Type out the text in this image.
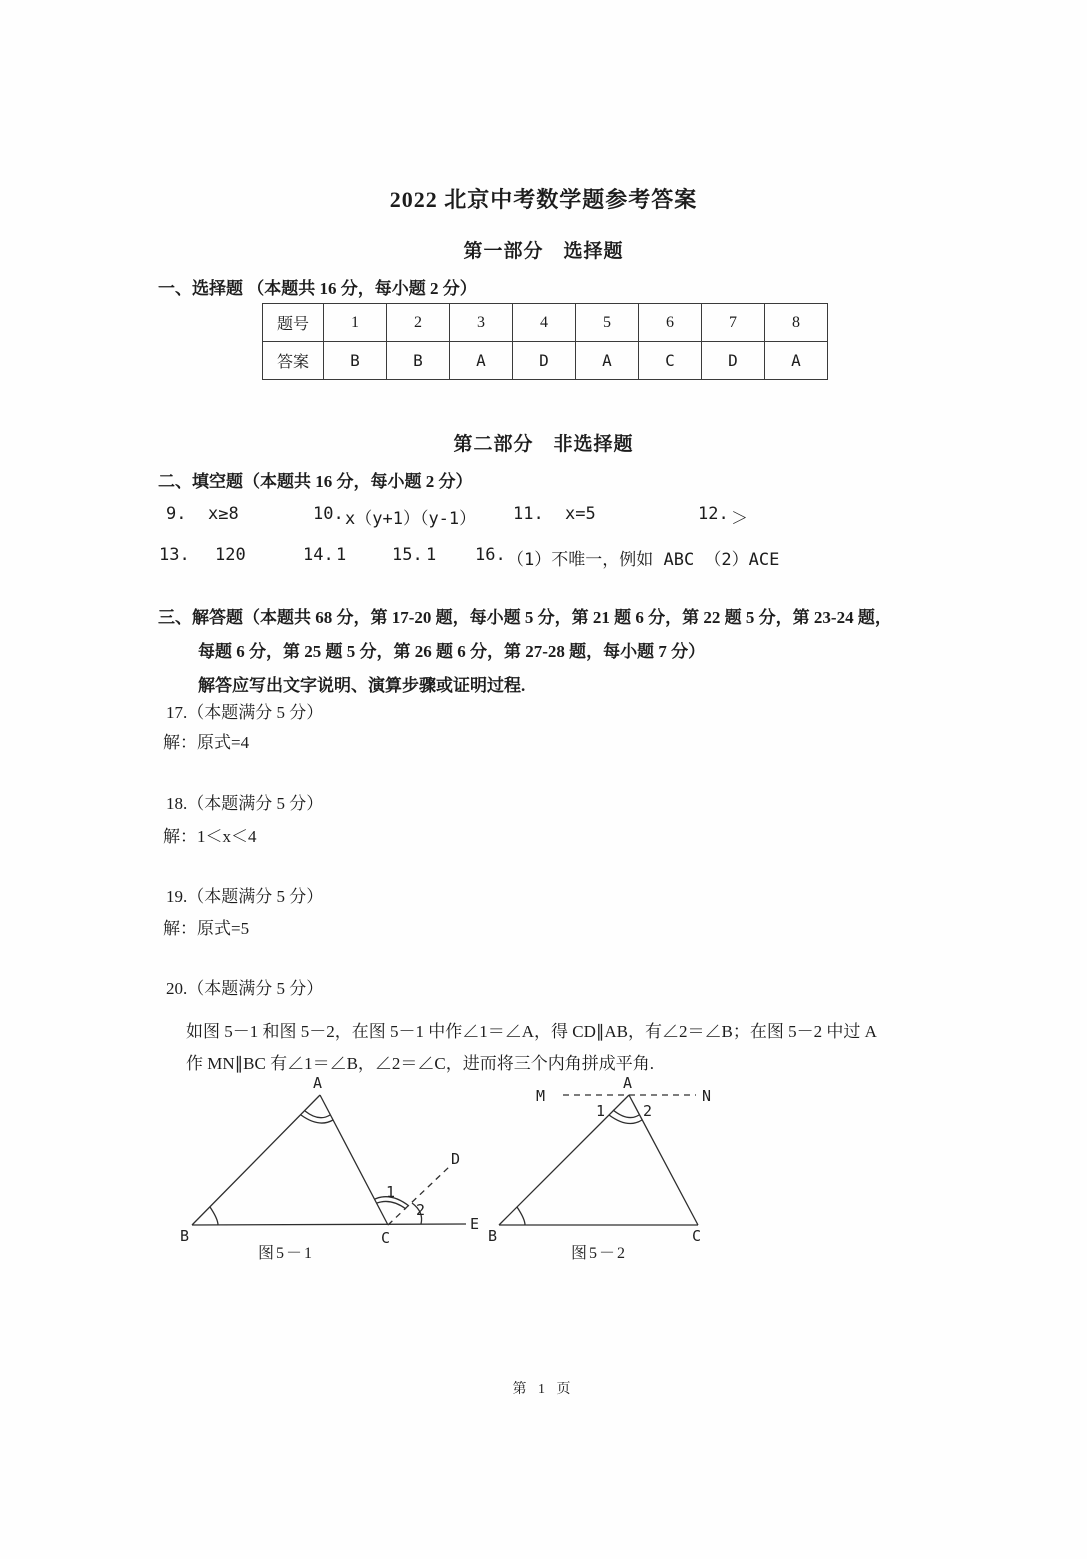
2022 北京中考数学题参考答案
第一部分　选择题
一、选择题 （本题共 16 分，每小题 2 分）
题号	1	2	3	4	5	6	7	8
答案	B	B	A	D	A	C	D	A
第二部分　非选择题
二、填空题（本题共 16 分，每小题 2 分）
9. x≥8	10. x（y+1）（y-1） 11. x=5	12. ＞
13. 120	14. 1	15. 1 16. （1）不唯一，例如 ABC （2）ACE
三、解答题（本题共 68 分，第 17-20 题，每小题 5 分，第 21 题 6 分，第 22 题 5 分，第 23-24 题，
每题 6 分，第 25 题 5 分，第 26 题 6 分，第 27-28 题，每小题 7 分）
解答应写出文字说明、演算步骤或证明过程.
17.（本题满分 5 分）
解：原式=4
18.（本题满分 5 分）
解：1＜x＜4
19.（本题满分 5 分）
解：原式=5
20.（本题满分 5 分）
如图 5－1 和图 5－2，在图 5－1 中作∠1＝∠A，得 CD∥AB，有∠2＝∠B；在图 5－2 中过 A
作 MN∥BC 有∠1＝∠B，∠2＝∠C，进而将三个内角拼成平角.
A
B	C
D
E
1
2
图5－1
A
M	N
1	2
B	C
图5－2
第 1 页
